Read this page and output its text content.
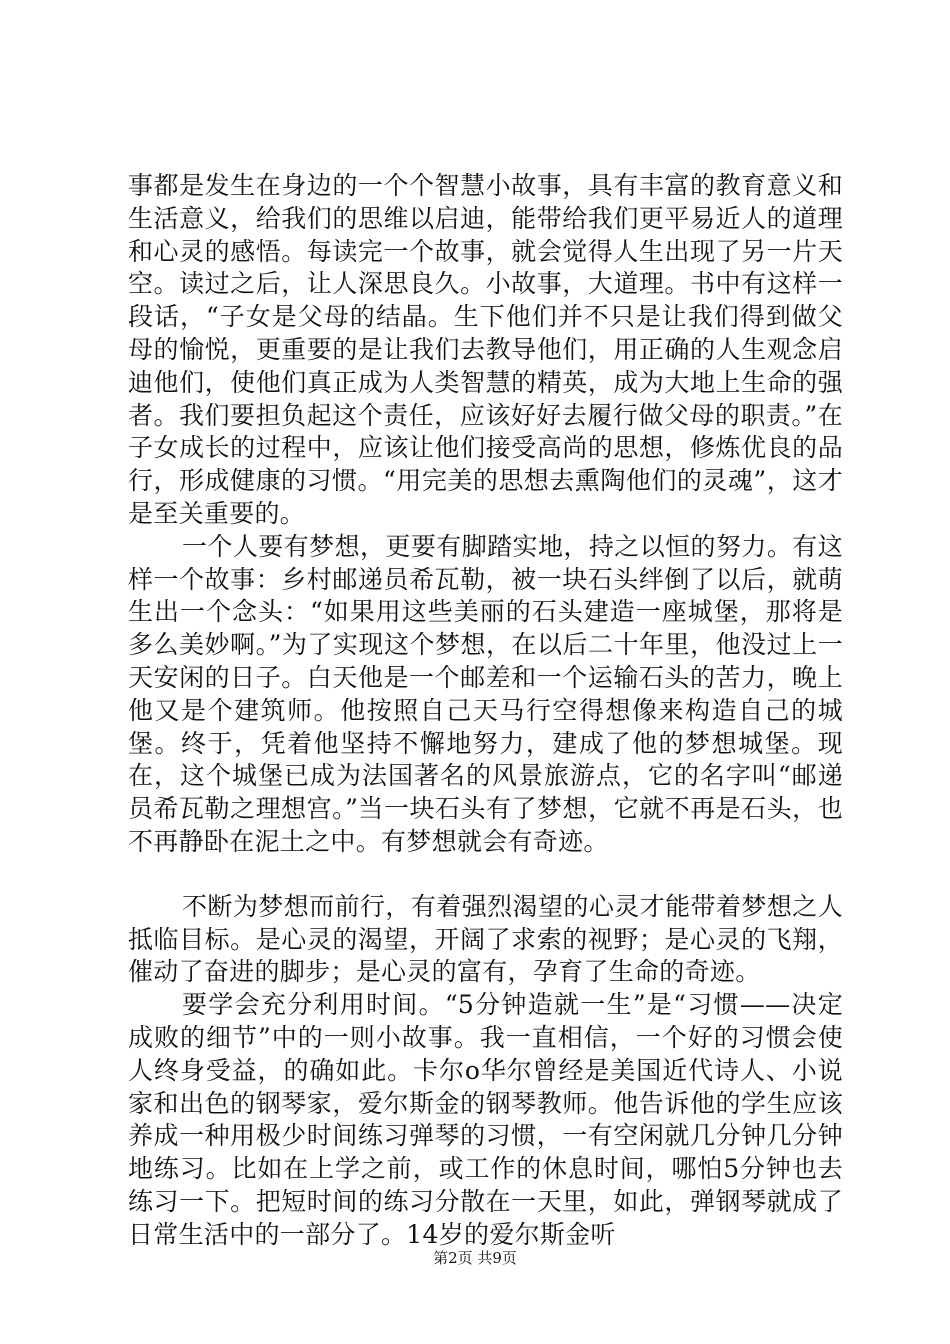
事都是发生在身边的一个个智慧小故事，具有丰富的教育意义和生活意义，给我们的思维以启迪，能带给我们更平易近人的道理和心灵的感悟。每读完一个故事，就会觉得人生出现了另一片天空。读过之后，让人深思良久。小故事，大道理。书中有这样一段话，“子女是父母的结晶。生下他们并不只是让我们得到做父母的愉悦，更重要的是让我们去教导他们，用正确的人生观念启迪他们，使他们真正成为人类智慧的精英，成为大地上生命的强者。我们要担负起这个责任，应该好好去履行做父母的职责。”在子女成长的过程中，应该让他们接受高尚的思想，修炼优良的品行，形成健康的习惯。“用完美的思想去熏陶他们的灵魂”，这才是至关重要的。

一个人要有梦想，更要有脚踏实地，持之以恒的努力。有这样一个故事：乡村邮递员希瓦勒，被一块石头绊倒了以后，就萌生出一个念头：“如果用这些美丽的石头建造一座城堡，那将是多么美妙啊。”为了实现这个梦想，在以后二十年里，他没过上一天安闲的日子。白天他是一个邮差和一个运输石头的苦力，晚上他又是个建筑师。他按照自己天马行空得想像来构造自己的城堡。终于，凭着他坚持不懈地努力，建成了他的梦想城堡。现在，这个城堡已成为法国著名的风景旅游点，它的名字叫“邮递员希瓦勒之理想宫。”当一块石头有了梦想，它就不再是石头，也不再静卧在泥土之中。有梦想就会有奇迹。

不断为梦想而前行，有着强烈渴望的心灵才能带着梦想之人抵临目标。是心灵的渴望，开阔了求索的视野；是心灵的飞翔，催动了奋进的脚步；是心灵的富有，孕育了生命的奇迹。

要学会充分利用时间。“5分钟造就一生”是“习惯——决定成败的细节”中的一则小故事。我一直相信，一个好的习惯会使人终身受益，的确如此。卡尔ο华尔曾经是美国近代诗人、小说家和出色的钢琴家，爱尔斯金的钢琴教师。他告诉他的学生应该养成一种用极少时间练习弹琴的习惯，一有空闲就几分钟几分钟地练习。比如在上学之前，或工作的休息时间，哪怕5分钟也去练习一下。把短时间的练习分散在一天里，如此，弹钢琴就成了日常生活中的一部分了。14岁的爱尔斯金听

第2页 共9页
